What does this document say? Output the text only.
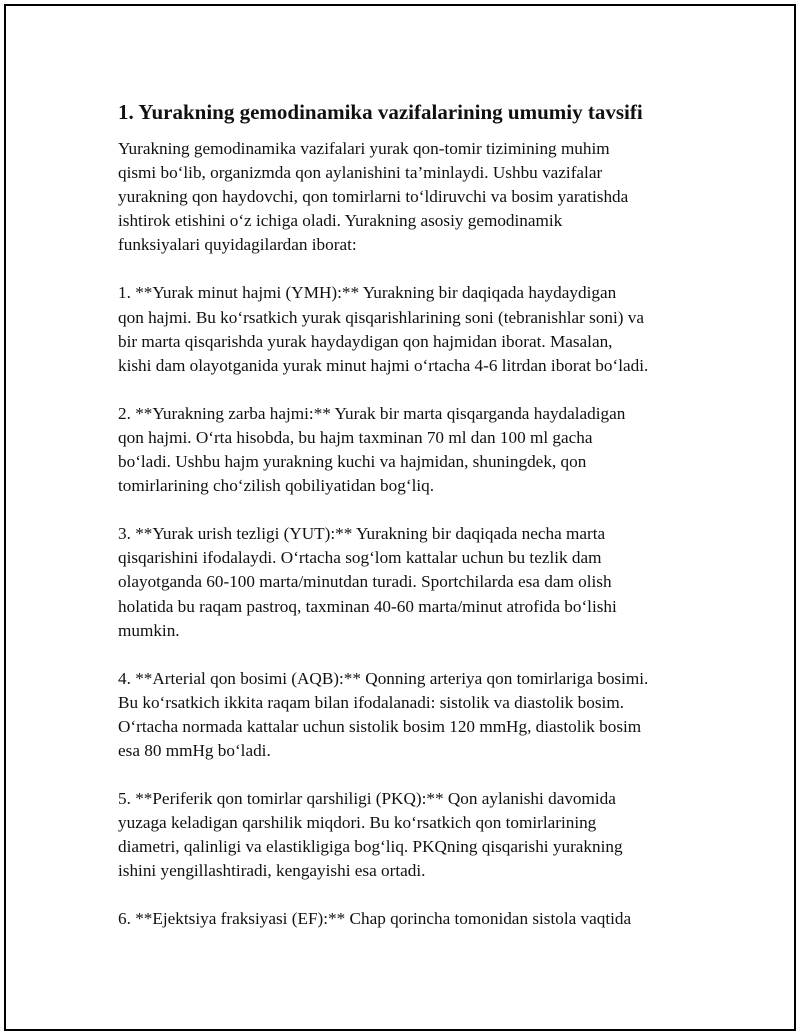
1. Yurakning gemodinamika vazifalarining umumiy tavsifi

Yurakning gemodinamika vazifalari yurak qon-tomir tizimining muhim
qismi bo‘lib, organizmda qon aylanishini ta’minlaydi. Ushbu vazifalar
yurakning qon haydovchi, qon tomirlarni to‘ldiruvchi va bosim yaratishda
ishtirok etishini o‘z ichiga oladi. Yurakning asosiy gemodinamik
funksiyalari quyidagilardan iborat:

1. **Yurak minut hajmi (YMH):** Yurakning bir daqiqada haydaydigan
qon hajmi. Bu ko‘rsatkich yurak qisqarishlarining soni (tebranishlar soni) va
bir marta qisqarishda yurak haydaydigan qon hajmidan iborat. Masalan,
kishi dam olayotganida yurak minut hajmi o‘rtacha 4-6 litrdan iborat bo‘ladi.

2. **Yurakning zarba hajmi:** Yurak bir marta qisqarganda haydaladigan
qon hajmi. O‘rta hisobda, bu hajm taxminan 70 ml dan 100 ml gacha
bo‘ladi. Ushbu hajm yurakning kuchi va hajmidan, shuningdek, qon
tomirlarining cho‘zilish qobiliyatidan bog‘liq.

3. **Yurak urish tezligi (YUT):** Yurakning bir daqiqada necha marta
qisqarishini ifodalaydi. O‘rtacha sog‘lom kattalar uchun bu tezlik dam
olayotganda 60-100 marta/minutdan turadi. Sportchilarda esa dam olish
holatida bu raqam pastroq, taxminan 40-60 marta/minut atrofida bo‘lishi
mumkin.

4. **Arterial qon bosimi (AQB):** Qonning arteriya qon tomirlariga bosimi.
Bu ko‘rsatkich ikkita raqam bilan ifodalanadi: sistolik va diastolik bosim.
O‘rtacha normada kattalar uchun sistolik bosim 120 mmHg, diastolik bosim
esa 80 mmHg bo‘ladi.

5. **Periferik qon tomirlar qarshiligi (PKQ):** Qon aylanishi davomida
yuzaga keladigan qarshilik miqdori. Bu ko‘rsatkich qon tomirlarining
diametri, qalinligi va elastikligiga bog‘liq. PKQning qisqarishi yurakning
ishini yengillashtiradi, kengayishi esa ortadi.

6. **Ejektsiya fraksiyasi (EF):** Chap qorincha tomonidan sistola vaqtida
